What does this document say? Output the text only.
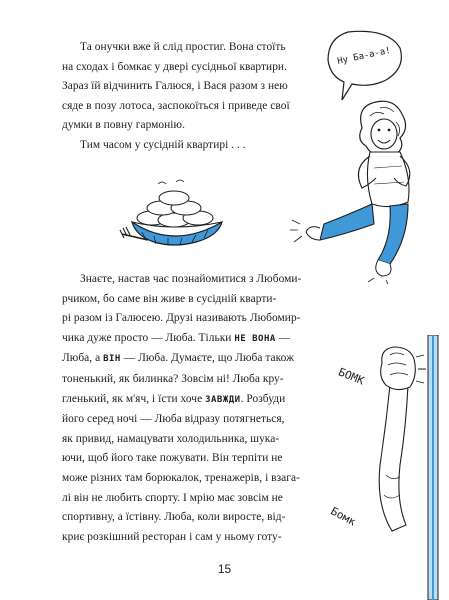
Та онучки вже й слід простиг. Вона стоїть
на сходах і бомкає у двері сусідньої квартири.
Зараз їй відчинить Галюся, і Вася разом з нею
сяде в позу лотоса, заспокоїться і приведе свої
думки в повну гармонію.
Тим часом у сусідній квартирі . . .
Знаєте, настав час познайомитися з Любоми-
рчиком, бо саме він живе в сусідній кварти-
рі разом із Галюсею. Друзі називають Любомир-
чика дуже просто — Люба. Тільки НЕ ВОНА —
Люба, а ВІН — Люба. Думаєте, що Люба також
тоненький, як билинка? Зовсім ні! Люба кру-
гленький, як м'яч, і їсти хоче ЗАВЖДИ. Розбуди
його серед ночі — Люба відразу потягнеться,
як привид, намацувати холодильника, шука-
ючи, щоб його таке пожувати. Він терпіти не
може різних там борюкалок, тренажерів, і взага-
лі він не любить спорту. І мрію має зовсім не
спортивну, а їстівну. Люба, коли виросте, від-
криє розкішний ресторан і сам у ньому готу-
Ну Ба-а-а!
БОМК
Бомк
15
